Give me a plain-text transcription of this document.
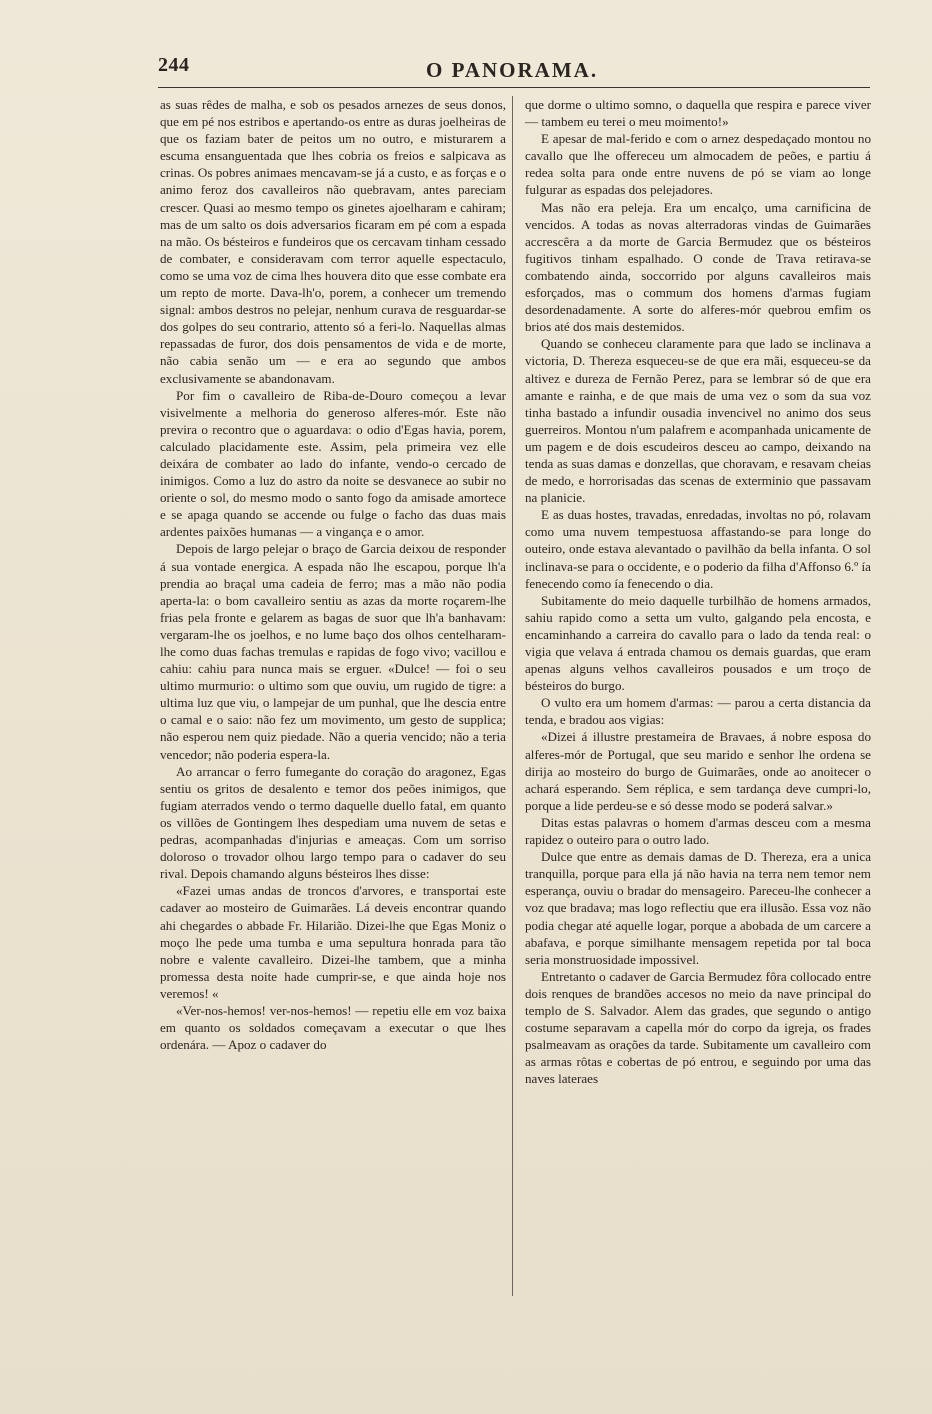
244	O PANORAMA.

as suas rêdes de malha, e sob os pesados arnezes de seus donos, que em pé nos estribos e apertando-os entre as duras joelheiras de que os faziam bater de peitos um no outro, e misturarem a escuma ensanguentada que lhes cobria os freios e salpicava as crinas. Os pobres animaes mencavam-se já a custo, e as forças e o animo feroz dos cavalleiros não quebravam, antes pareciam crescer. Quasi ao mesmo tempo os ginetes ajoelharam e cahiram; mas de um salto os dois adversarios ficaram em pé com a espada na mão. Os bésteiros e fundeiros que os cercavam tinham cessado de combater, e consideravam com terror aquelle espectaculo, como se uma voz de cima lhes houvera dito que esse combate era um repto de morte. Dava-lh'o, porem, a conhecer um tremendo signal: ambos destros no pelejar, nenhum curava de resguardar-se dos golpes do seu contrario, attento só a feri-lo. Naquellas almas repassadas de furor, dos dois pensamentos de vida e de morte, não cabia senão um — e era ao segundo que ambos exclusivamente se abandonavam.

Por fim o cavalleiro de Riba-de-Douro começou a levar visivelmente a melhoria do generoso alferes-mór. Este não previra o recontro que o aguardava: o odio d'Egas havia, porem, calculado placidamente este. Assim, pela primeira vez elle deixára de combater ao lado do infante, vendo-o cercado de inimigos. Como a luz do astro da noite se desvanece ao subir no oriente o sol, do mesmo modo o santo fogo da amisade amortece e se apaga quando se accende ou fulge o facho das duas mais ardentes paixões humanas — a vingança e o amor.

Depois de largo pelejar o braço de Garcia deixou de responder á sua vontade energica. A espada não lhe escapou, porque lh'a prendia ao braçal uma cadeia de ferro; mas a mão não podia aperta-la: o bom cavalleiro sentiu as azas da morte roçarem-lhe frias pela fronte e gelarem as bagas de suor que lh'a banhavam: vergaram-lhe os joelhos, e no lume baço dos olhos centelharam-lhe como duas fachas tremulas e rapidas de fogo vivo; vacillou e cahiu: cahiu para nunca mais se erguer. «Dulce! — foi o seu ultimo murmurio: o ultimo som que ouviu, um rugido de tigre: a ultima luz que viu, o lampejar de um punhal, que lhe descia entre o camal e o saio: não fez um movimento, um gesto de supplica; não esperou nem quiz piedade. Não a queria vencido; não a teria vencedor; não poderia espera-la.

Ao arrancar o ferro fumegante do coração do aragonez, Egas sentiu os gritos de desalento e temor dos peões inimigos, que fugiam aterrados vendo o termo daquelle duello fatal, em quanto os villões de Gontingem lhes despediam uma nuvem de setas e pedras, acompanhadas d'injurias e ameaças. Com um sorriso doloroso o trovador olhou largo tempo para o cadaver do seu rival. Depois chamando alguns bésteiros lhes disse:

«Fazei umas andas de troncos d'arvores, e transportai este cadaver ao mosteiro de Guimarães. Lá deveis encontrar quando ahi chegardes o abbade Fr. Hilarião. Dizei-lhe que Egas Moniz o moço lhe pede uma tumba e uma sepultura honrada para tão nobre e valente cavalleiro. Dizei-lhe tambem, que a minha promessa desta noite hade cumprir-se, e que ainda hoje nos veremos! «

«Ver-nos-hemos! ver-nos-hemos! — repetiu elle em voz baixa em quanto os soldados começavam a executar o que lhes ordenára. — Apoz o cadaver do

que dorme o ultimo somno, o daquella que respira e parece viver — tambem eu terei o meu moimento!»

E apesar de mal-ferido e com o arnez despedaçado montou no cavallo que lhe offereceu um almocadem de peões, e partiu á redea solta para onde entre nuvens de pó se viam ao longe fulgurar as espadas dos pelejadores.

Mas não era peleja. Era um encalço, uma carnificina de vencidos. A todas as novas alterradoras vindas de Guimarães accrescêra a da morte de Garcia Bermudez que os bésteiros fugitivos tinham espalhado. O conde de Trava retirava-se combatendo ainda, soccorrido por alguns cavalleiros mais esforçados, mas o commum dos homens d'armas fugiam desordenadamente. A sorte do alferes-mór quebrou emfim os brios até dos mais destemidos.

Quando se conheceu claramente para que lado se inclinava a victoria, D. Thereza esqueceu-se de que era mãi, esqueceu-se da altivez e dureza de Fernão Perez, para se lembrar só de que era amante e rainha, e de que mais de uma vez o som da sua voz tinha bastado a infundir ousadia invencivel no animo dos seus guerreiros. Montou n'um palafrem e acompanhada unicamente de um pagem e de dois escudeiros desceu ao campo, deixando na tenda as suas damas e donzellas, que choravam, e resavam cheias de medo, e horrorisadas das scenas de exterminio que passavam na planicie.

E as duas hostes, travadas, enredadas, involtas no pó, rolavam como uma nuvem tempestuosa affastando-se para longe do outeiro, onde estava alevantado o pavilhão da bella infanta. O sol inclinava-se para o occidente, e o poderio da filha d'Affonso 6.º ía fenecendo como ía fenecendo o dia.

Subitamente do meio daquelle turbilhão de homens armados, sahiu rapido como a setta um vulto, galgando pela encosta, e encaminhando a carreira do cavallo para o lado da tenda real: o vigia que velava á entrada chamou os demais guardas, que eram apenas alguns velhos cavalleiros pousados e um troço de bésteiros do burgo.

O vulto era um homem d'armas: — parou a certa distancia da tenda, e bradou aos vigias:

«Dizei á illustre prestameira de Bravaes, á nobre esposa do alferes-mór de Portugal, que seu marido e senhor lhe ordena se dirija ao mosteiro do burgo de Guimarães, onde ao anoitecer o achará esperando. Sem réplica, e sem tardança deve cumpri-lo, porque a lide perdeu-se e só desse modo se poderá salvar.»

Ditas estas palavras o homem d'armas desceu com a mesma rapidez o outeiro para o outro lado.

Dulce que entre as demais damas de D. Thereza, era a unica tranquilla, porque para ella já não havia na terra nem temor nem esperança, ouviu o bradar do mensageiro. Pareceu-lhe conhecer a voz que bradava; mas logo reflectiu que era illusão. Essa voz não podia chegar até aquelle logar, porque a abobada de um carcere a abafava, e porque similhante mensagem repetida por tal boca seria monstruosidade impossivel.

Entretanto o cadaver de Garcia Bermudez fôra collocado entre dois renques de brandões accesos no meio da nave principal do templo de S. Salvador. Alem das grades, que segundo o antigo costume separavam a capella mór do corpo da igreja, os frades psalmeavam as orações da tarde. Subitamente um cavalleiro com as armas rôtas e cobertas de pó entrou, e seguindo por uma das naves lateraes
